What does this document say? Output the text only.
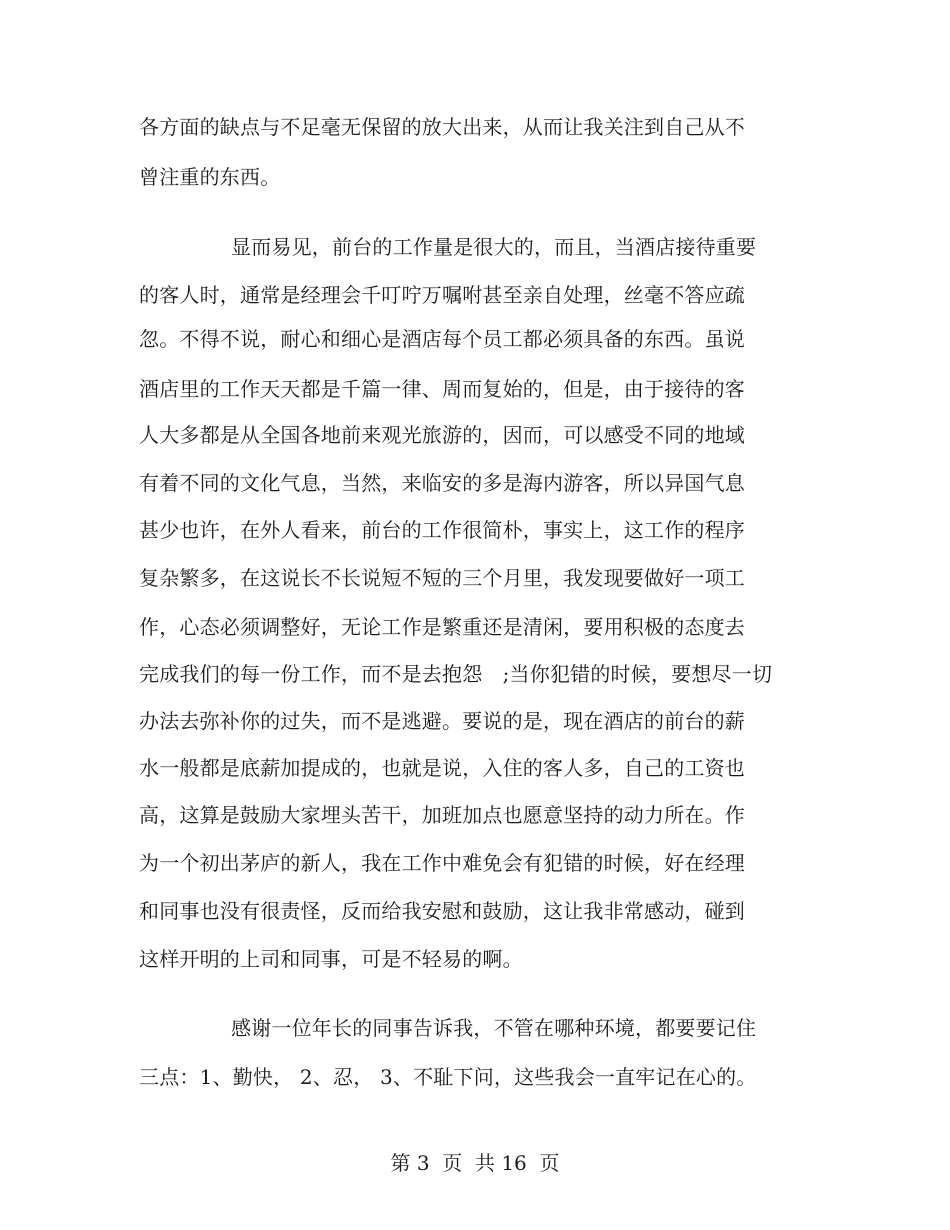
各方面的缺点与不足毫无保留的放大出来，从而让我关注到自己从不
曾注重的东西。
显而易见，前台的工作量是很大的，而且，当酒店接待重要
的客人时，通常是经理会千叮咛万嘱咐甚至亲自处理，丝毫不答应疏
忽。不得不说，耐心和细心是酒店每个员工都必须具备的东西。虽说
酒店里的工作天天都是千篇一律、周而复始的，但是，由于接待的客
人大多都是从全国各地前来观光旅游的，因而，可以感受不同的地域
有着不同的文化气息，当然，来临安的多是海内游客，所以异国气息
甚少也许，在外人看来，前台的工作很简朴，事实上，这工作的程序
复杂繁多，在这说长不长说短不短的三个月里，我发现要做好一项工
作，心态必须调整好，无论工作是繁重还是清闲，要用积极的态度去
完成我们的每一份工作，而不是去抱怨　;当你犯错的时候，要想尽一切
办法去弥补你的过失，而不是逃避。要说的是，现在酒店的前台的薪
水一般都是底薪加提成的，也就是说，入住的客人多，自己的工资也
高，这算是鼓励大家埋头苦干，加班加点也愿意坚持的动力所在。作
为一个初出茅庐的新人，我在工作中难免会有犯错的时候，好在经理
和同事也没有很责怪，反而给我安慰和鼓励，这让我非常感动，碰到
这样开明的上司和同事，可是不轻易的啊。
感谢一位年长的同事告诉我，不管在哪种环境，都要要记住
三点：1、勤快， 2、忍， 3、不耻下问，这些我会一直牢记在心的。
第 3  页  共 16  页
